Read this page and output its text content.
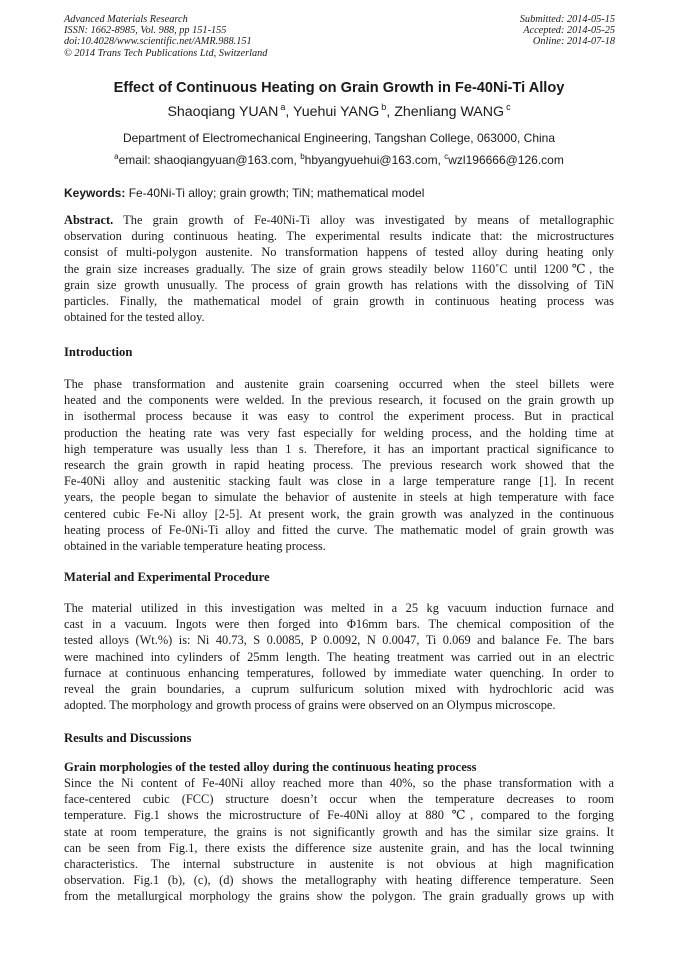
Advanced Materials Research
ISSN: 1662-8985, Vol. 988, pp 151-155
doi:10.4028/www.scientific.net/AMR.988.151
© 2014 Trans Tech Publications Ltd, Switzerland
Submitted: 2014-05-15
Accepted: 2014-05-25
Online: 2014-07-18
Effect of Continuous Heating on Grain Growth in Fe-40Ni-Ti Alloy
Shaoqiang YUAN $^a$, Yuehui YANG $^b$, Zhenliang WANG $^c$
Department of Electromechanical Engineering, Tangshan College, 063000, China
$^a$email: shaoqiangyuan@163.com, $^b$hbyangyuehui@163.com, $^c$wzl196666@126.com
Keywords: Fe-40Ni-Ti alloy; grain growth; TiN; mathematical model
Abstract. The grain growth of Fe-40Ni-Ti alloy was investigated by means of metallographic
observation during continuous heating. The experimental results indicate that: the microstructures
consist of multi-polygon austenite. No transformation happens of tested alloy during heating only
the grain size increases gradually. The size of grain grows steadily below 1160˚C until 1200℃, the
grain size growth unusually. The process of grain growth has relations with the dissolving of TiN
particles. Finally, the mathematical model of grain growth in continuous heating process was
obtained for the tested alloy.
Introduction
The phase transformation and austenite grain coarsening occurred when the steel billets were
heated and the components were welded. In the previous research, it focused on the grain growth up
in isothermal process because it was easy to control the experiment process. But in practical
production the heating rate was very fast especially for welding process, and the holding time at
high temperature was usually less than 1 s. Therefore, it has an important practical significance to
research the grain growth in rapid heating process. The previous research work showed that the
Fe-40Ni alloy and austenitic stacking fault was close in a large temperature range [1]. In recent
years, the people began to simulate the behavior of austenite in steels at high temperature with face
centered cubic Fe-Ni alloy [2-5]. At present work, the grain growth was analyzed in the continuous
heating process of Fe-0Ni-Ti alloy and fitted the curve. The mathematic model of grain growth was
obtained in the variable temperature heating process.
Material and Experimental Procedure
The material utilized in this investigation was melted in a 25 kg vacuum induction furnace and
cast in a vacuum. Ingots were then forged into Φ16mm bars. The chemical composition of the
tested alloys (Wt.%) is: Ni 40.73, S 0.0085, P 0.0092, N 0.0047, Ti 0.069 and balance Fe. The bars
were machined into cylinders of 25mm length. The heating treatment was carried out in an electric
furnace at continuous enhancing temperatures, followed by immediate water quenching. In order to
reveal the grain boundaries, a cuprum sulfuricum solution mixed with hydrochloric acid was
adopted. The morphology and growth process of grains were observed on an Olympus microscope.
Results and Discussions
Grain morphologies of the tested alloy during the continuous heating process
Since the Ni content of Fe-40Ni alloy reached more than 40%, so the phase transformation with a
face-centered cubic (FCC) structure doesn’t occur when the temperature decreases to room
temperature. Fig.1 shows the microstructure of Fe-40Ni alloy at 880 ℃, compared to the forging
state at room temperature, the grains is not significantly growth and has the similar size grains. It
can be seen from Fig.1, there exists the difference size austenite grain, and has the local twinning
characteristics. The internal substructure in austenite is not obvious at high magnification
observation. Fig.1 (b), (c), (d) shows the metallography with heating difference temperature. Seen
from the metallurgical morphology the grains show the polygon. The grain gradually grows up with
